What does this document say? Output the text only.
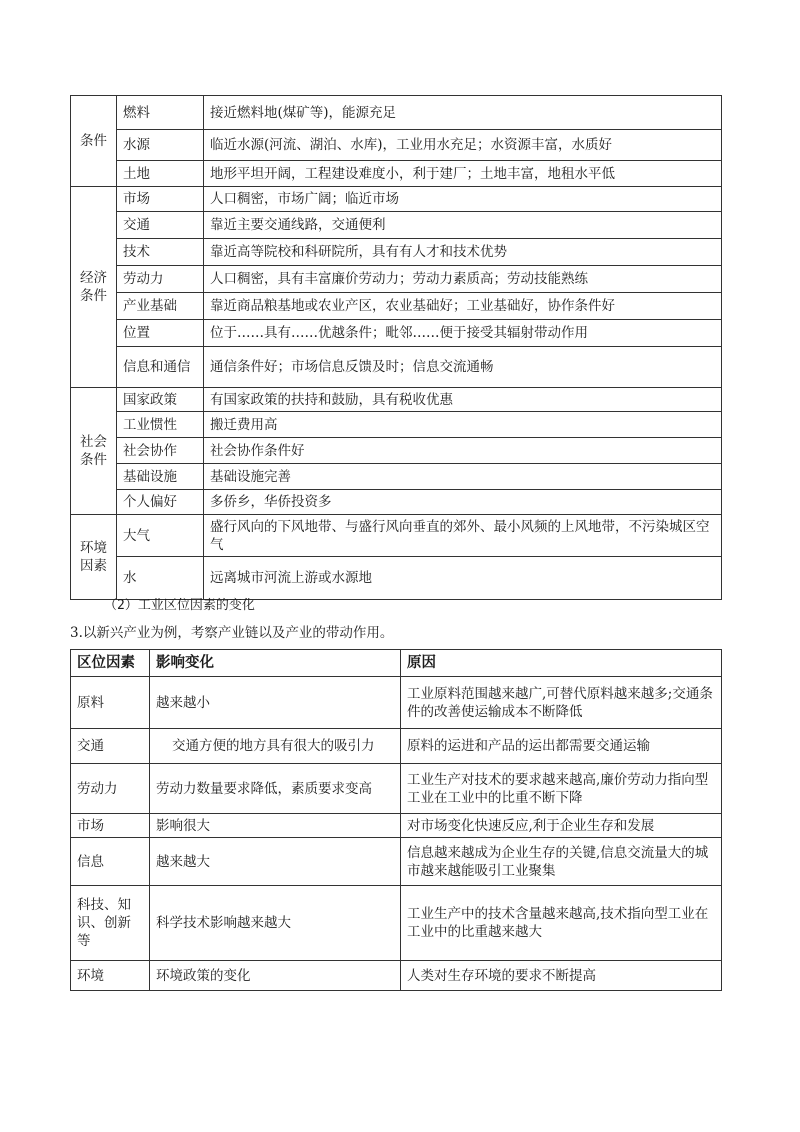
条件	燃料	接近燃料地(煤矿等)，能源充足
	水源	临近水源(河流、湖泊、水库)，工业用水充足；水资源丰富，水质好
	土地	地形平坦开阔，工程建设难度小，利于建厂；土地丰富，地租水平低
经济条件	市场	人口稠密，市场广阔；临近市场
	交通	靠近主要交通线路，交通便利
	技术	靠近高等院校和科研院所，具有有人才和技术优势
	劳动力	人口稠密，具有丰富廉价劳动力；劳动力素质高；劳动技能熟练
	产业基础	靠近商品粮基地或农业产区，农业基础好；工业基础好，协作条件好
	位置	位于……具有……优越条件；毗邻……便于接受其辐射带动作用
	信息和通信	通信条件好；市场信息反馈及时；信息交流通畅
社会条件	国家政策	有国家政策的扶持和鼓励，具有税收优惠
	工业惯性	搬迁费用高
	社会协作	社会协作条件好
	基础设施	基础设施完善
	个人偏好	多侨乡，华侨投资多
环境因素	大气	盛行风向的下风地带、与盛行风向垂直的郊外、最小风频的上风地带，不污染城区空气
	水	远离城市河流上游或水源地
（2）工业区位因素的变化
3.以新兴产业为例，考察产业链以及产业的带动作用。
区位因素	影响变化	原因
原料	越来越小	工业原料范围越来越广,可替代原料越来越多;交通条件的改善使运输成本不断降低
交通	交通方便的地方具有很大的吸引力	原料的运进和产品的运出都需要交通运输
劳动力	劳动力数量要求降低，素质要求变高	工业生产对技术的要求越来越高,廉价劳动力指向型工业在工业中的比重不断下降
市场	影响很大	对市场变化快速反应,利于企业生存和发展
信息	越来越大	信息越来越成为企业生存的关键,信息交流量大的城市越来越能吸引工业聚集
科技、知识、创新等	科学技术影响越来越大	工业生产中的技术含量越来越高,技术指向型工业在工业中的比重越来越大
环境	环境政策的变化	人类对生存环境的要求不断提高
